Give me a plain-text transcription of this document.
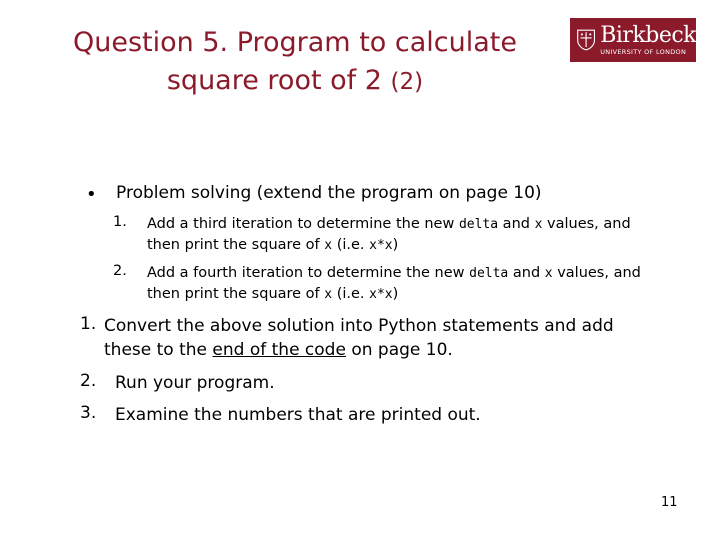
Question 5. Program to calculate
square root of 2 (2)
Birkbeck
UNIVERSITY OF LONDON
• Problem solving (extend the program on page 10)
1. Add a third iteration to determine the new delta and x values, and then print the square of x (i.e. x*x)
2. Add a fourth iteration to determine the new delta and x values, and then print the square of x (i.e. x*x)
1. Convert the above solution into Python statements and add these to the end of the code on page 10.
2. Run your program.
3. Examine the numbers that are printed out.
11
